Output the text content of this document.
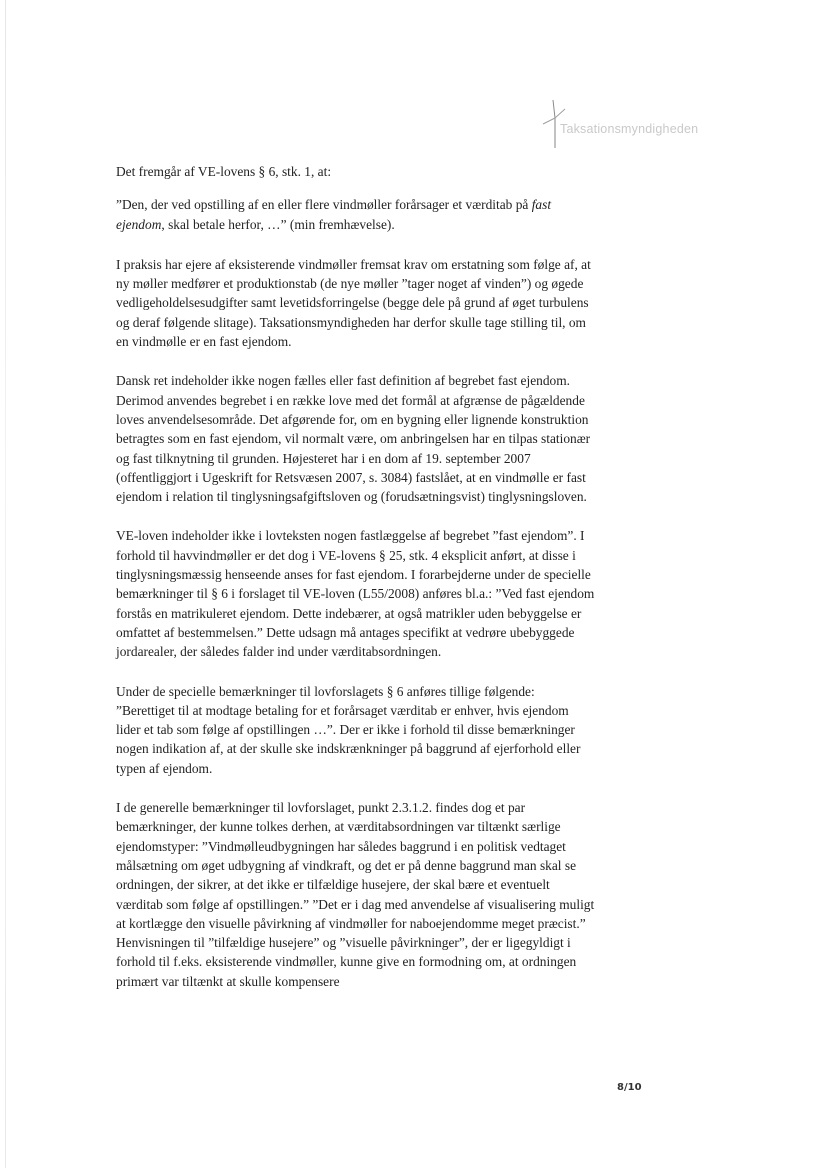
Taksationsmyndigheden

Det fremgår af VE-lovens § 6, stk. 1, at:

”Den, der ved opstilling af en eller flere vindmøller forårsager et værditab på fast ejendom, skal betale herfor, …” (min fremhævelse).

I praksis har ejere af eksisterende vindmøller fremsat krav om erstatning som følge af, at ny møller medfører et produktionstab (de nye møller ”tager noget af vinden”) og øgede vedligeholdelsesudgifter samt levetidsforringelse (begge dele på grund af øget turbulens og deraf følgende slitage). Taksationsmyndigheden har derfor skulle tage stilling til, om en vindmølle er en fast ejendom.

Dansk ret indeholder ikke nogen fælles eller fast definition af begrebet fast ejendom. Derimod anvendes begrebet i en række love med det formål at afgrænse de pågældende loves anvendelsesområde. Det afgørende for, om en bygning eller lignende konstruktion betragtes som en fast ejendom, vil normalt være, om anbringelsen har en tilpas stationær og fast tilknytning til grunden. Højesteret har i en dom af 19. september 2007 (offentliggjort i Ugeskrift for Retsvæsen 2007, s. 3084) fastslået, at en vindmølle er fast ejendom i relation til tinglysningsafgiftsloven og (forudsætningsvist) tinglysningsloven.

VE-loven indeholder ikke i lovteksten nogen fastlæggelse af begrebet ”fast ejendom”. I forhold til havvindmøller er det dog i VE-lovens § 25, stk. 4 eksplicit anført, at disse i tinglysningsmæssig henseende anses for fast ejendom. I forarbejderne under de specielle bemærkninger til § 6 i forslaget til VE-loven (L55/2008) anføres bl.a.: ”Ved fast ejendom forstås en matrikuleret ejendom. Dette indebærer, at også matrikler uden bebyggelse er omfattet af bestemmelsen.” Dette udsagn må antages specifikt at vedrøre ubebyggede jordarealer, der således falder ind under værditabsordningen.

Under de specielle bemærkninger til lovforslagets § 6 anføres tillige følgende: ”Berettiget til at modtage betaling for et forårsaget værditab er enhver, hvis ejendom lider et tab som følge af opstillingen …”. Der er ikke i forhold til disse bemærkninger nogen indikation af, at der skulle ske indskrænkninger på baggrund af ejerforhold eller typen af ejendom.

I de generelle bemærkninger til lovforslaget, punkt 2.3.1.2. findes dog et par bemærkninger, der kunne tolkes derhen, at værditabsordningen var tiltænkt særlige ejendomstyper: ”Vindmølleudbygningen har således baggrund i en politisk vedtaget målsætning om øget udbygning af vindkraft, og det er på denne baggrund man skal se ordningen, der sikrer, at det ikke er tilfældige husejere, der skal bære et eventuelt værditab som følge af opstillingen.” ”Det er i dag med anvendelse af visualisering muligt at kortlægge den visuelle påvirkning af vindmøller for naboejendomme meget præcist.” Henvisningen til ”tilfældige husejere” og ”visuelle påvirkninger”, der er ligegyldigt i forhold til f.eks. eksisterende vindmøller, kunne give en formodning om, at ordningen primært var tiltænkt at skulle kompensere

8/10
